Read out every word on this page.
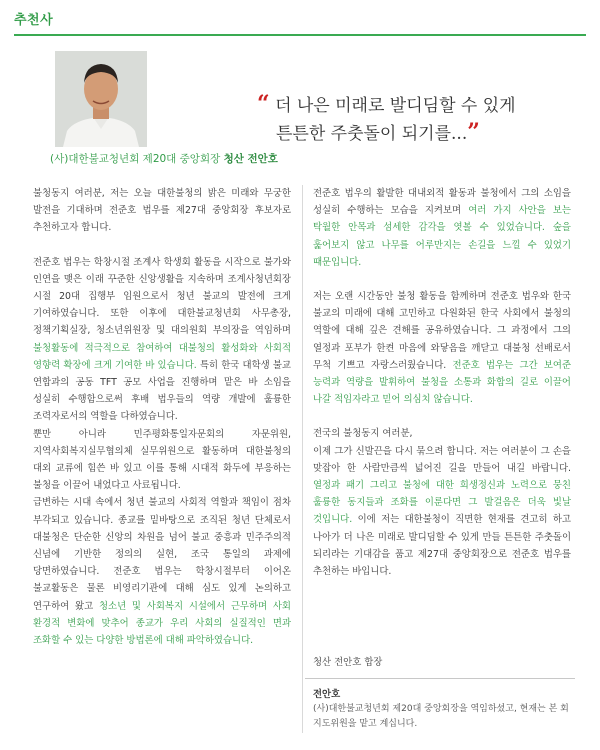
추천사
“ 더 나은 미래로 발디딤할 수 있게
튼튼한 주춧돌이 되기를...”
(사)대한불교청년회 제20대 중앙회장 청산 전안호

불청동지 여러분, 저는 오늘 대한불청의 밝은 미래와 무궁한 발전을 기대하며 전준호 법우를 제27대 중앙회장 후보자로 추천하고자 합니다.

전준호 법우는 학창시절 조계사 학생회 활동을 시작으로 불가와 인연을 맺은 이래 꾸준한 신앙생활을 지속하며 조계사청년회장 시절 20대 집행부 임원으로서 청년 불교의 발전에 크게 기여하였습니다. 또한 이후에 대한불교청년회 사무총장, 정책기획실장, 청소년위원장 및 대의원회 부의장을 역임하며 불청활동에 적극적으로 참여하여 대불청의 활성화와 사회적 영향력 확장에 크게 기여한 바 있습니다. 특히 한국 대학생 불교 연합과의 공동 TFT 공모 사업을 진행하며 맡은 바 소임을 성실히 수행함으로써 후배 법우들의 역량 개발에 훌륭한 조력자로서의 역할을 다하였습니다.

뿐만 아니라 민주평화통일자문회의 자문위원, 지역사회복지실무협의체 실무위원으로 활동하며 대한불청의 대외 교류에 힘쓴 바 있고 이를 통해 시대적 화두에 부응하는 불청을 이끌어 내었다고 사료됩니다.

급변하는 시대 속에서 청년 불교의 사회적 역할과 책임이 점차 부각되고 있습니다. 종교를 밑바탕으로 조직된 청년 단체로서 대불청은 단순한 신앙의 차원을 넘어 불교 중흥과 민주주의적 신념에 기반한 정의의 실현, 조국 통일의 과제에 당면하였습니다. 전준호 법우는 학창시절부터 이어온 불교활동은 물론 비영리기관에 대해 심도 있게 논의하고 연구하여 왔고 청소년 및 사회복지 시설에서 근무하며 사회 환경적 변화에 맞추어 종교가 우리 사회의 실질적인 면과 조화할 수 있는 다양한 방법론에 대해 파악하였습니다.

전준호 법우의 활발한 대내외적 활동과 불청에서 그의 소임을 성실히 수행하는 모습을 지켜보며 여러 가지 사안을 보는 탁월한 안목과 섬세한 감각을 엿볼 수 있었습니다. 숲을 훑어보지 않고 나무를 어루만지는 손길을 느낄 수 있었기 때문입니다.

저는 오랜 시간동안 불청 활동을 함께하며 전준호 법우와 한국 불교의 미래에 대해 고민하고 다원화된 한국 사회에서 불청의 역할에 대해 깊은 견해를 공유하였습니다. 그 과정에서 그의 열정과 포부가 한켠 마음에 와닿음을 깨닫고 대불청 선배로서 무척 기쁘고 자랑스러웠습니다. 전준호 법우는 그간 보여준 능력과 역량을 발휘하여 불청을 소통과 화합의 길로 이끌어 나갈 적임자라고 믿어 의심치 않습니다.

전국의 불청동지 여러분,

이제 그가 신발끈을 다시 묶으려 합니다. 저는 여러분이 그 손을 맞잡아 한 사람만큼씩 넓어진 길을 만들어 내길 바랍니다. 열정과 패기 그리고 불청에 대한 희생정신과 노력으로 뭉친 훌륭한 동지들과 조화를 이룬다면 그 발걸음은 더욱 빛날 것입니다. 이에 저는 대한불청이 직면한 현재를 견고히 하고 나아가 더 나은 미래로 발디딤할 수 있게 만들 튼튼한 주춧돌이 되리라는 기대감을 품고 제27대 중앙회장으로 전준호 법우를 추천하는 바입니다.

청산 전안호 합장
전안호
(사)대한불교청년회 제20대 중앙회장을 역임하셨고, 현재는 본 회 지도위원을 맡고 계십니다.
